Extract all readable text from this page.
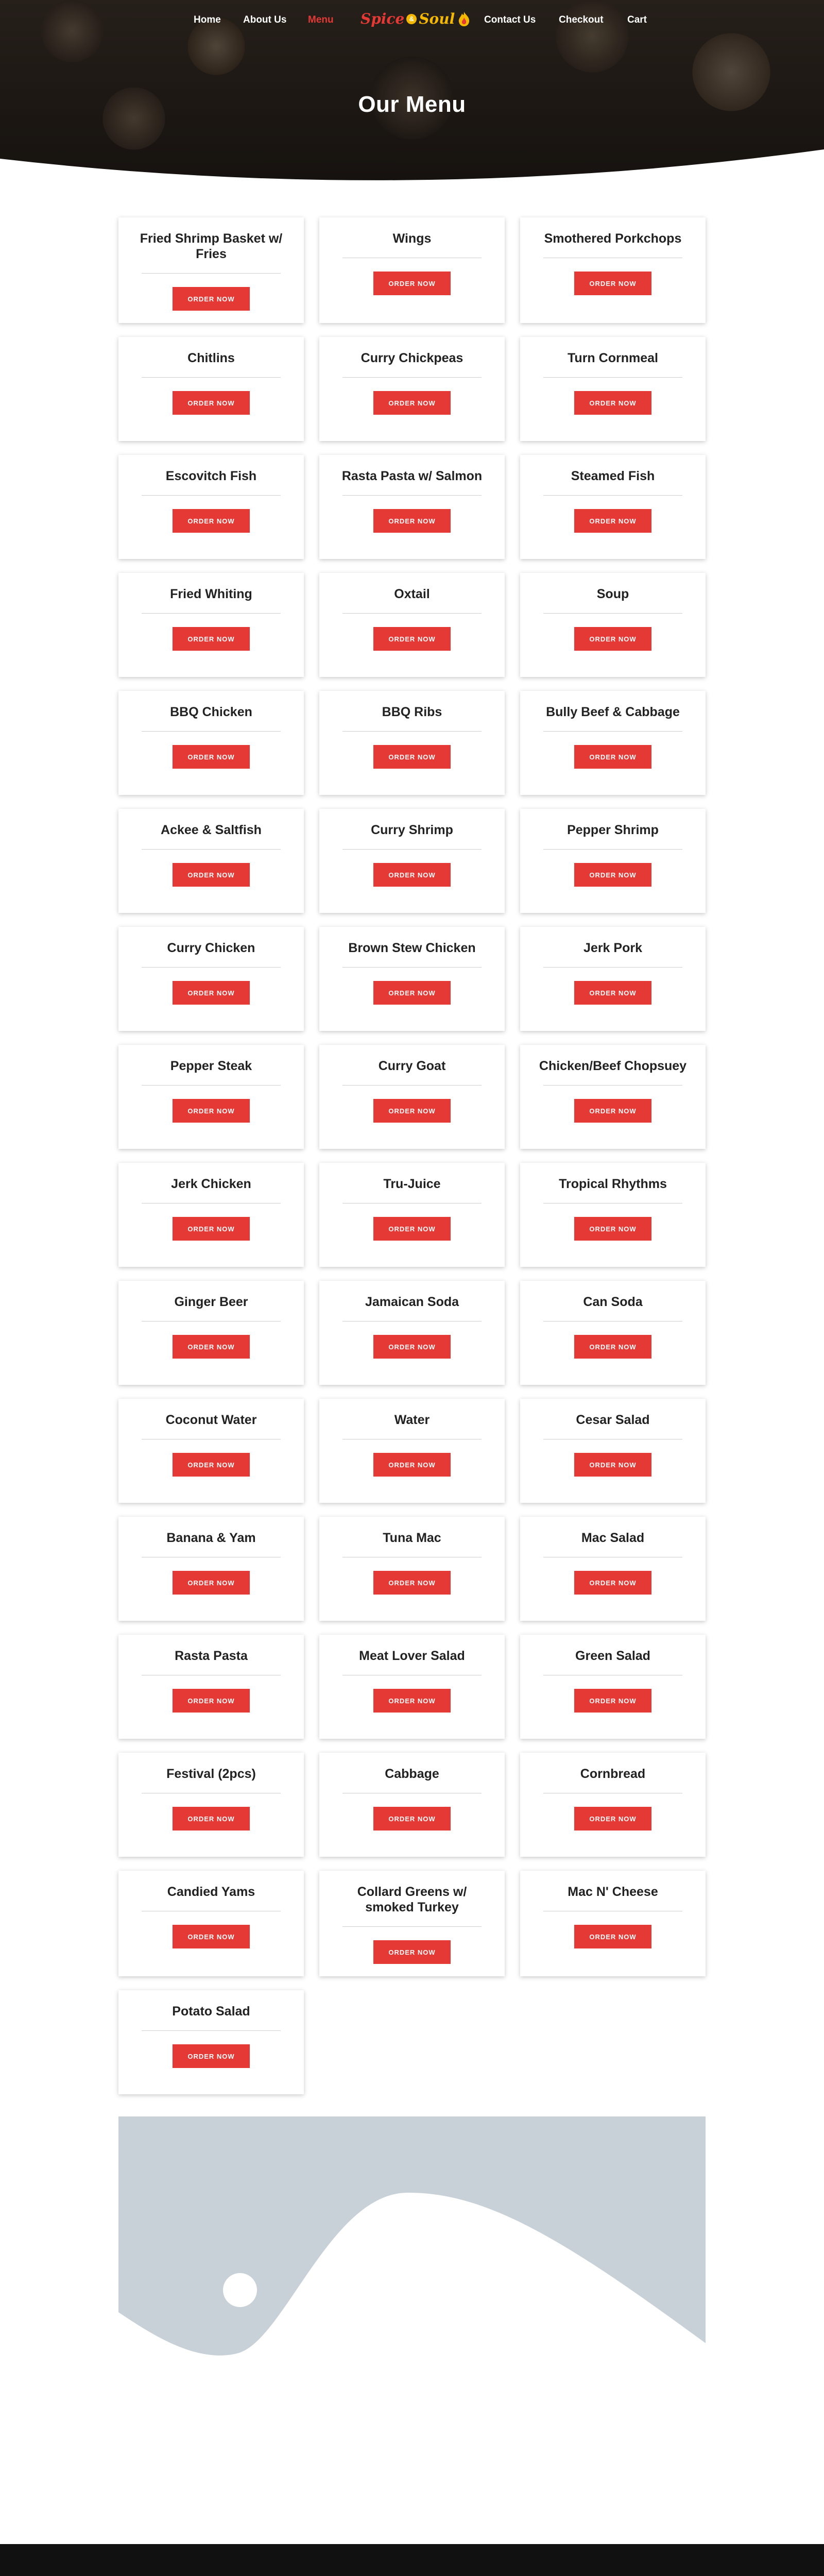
Home About Us Menu Spice & Soul	Contact Us Checkout Cart
Our Menu
Fried Shrimp Basket w/ Fries
ORDER NOW
Wings
ORDER NOW
Smothered Porkchops
ORDER NOW
Chitlins
ORDER NOW
Curry Chickpeas
ORDER NOW
Turn Cornmeal
ORDER NOW
Escovitch Fish
ORDER NOW
Rasta Pasta w/ Salmon
ORDER NOW
Steamed Fish
ORDER NOW
Fried Whiting
ORDER NOW
Oxtail
ORDER NOW
Soup
ORDER NOW
BBQ Chicken
ORDER NOW
BBQ Ribs
ORDER NOW
Bully Beef & Cabbage
ORDER NOW
Ackee & Saltfish
ORDER NOW
Curry Shrimp
ORDER NOW
Pepper Shrimp
ORDER NOW
Curry Chicken
ORDER NOW
Brown Stew Chicken
ORDER NOW
Jerk Pork
ORDER NOW
Pepper Steak
ORDER NOW
Curry Goat
ORDER NOW
Chicken/Beef Chopsuey
ORDER NOW
Jerk Chicken
ORDER NOW
Tru-Juice
ORDER NOW
Tropical Rhythms
ORDER NOW
Ginger Beer
ORDER NOW
Jamaican Soda
ORDER NOW
Can Soda
ORDER NOW
Coconut Water
ORDER NOW
Water
ORDER NOW
Cesar Salad
ORDER NOW
Banana & Yam
ORDER NOW
Tuna Mac
ORDER NOW
Mac Salad
ORDER NOW
Rasta Pasta
ORDER NOW
Meat Lover Salad
ORDER NOW
Green Salad
ORDER NOW
Festival (2pcs)
ORDER NOW
Cabbage
ORDER NOW
Cornbread
ORDER NOW
Candied Yams
ORDER NOW
Collard Greens w/ smoked Turkey
ORDER NOW
Mac N' Cheese
ORDER NOW
Potato Salad
ORDER NOW
